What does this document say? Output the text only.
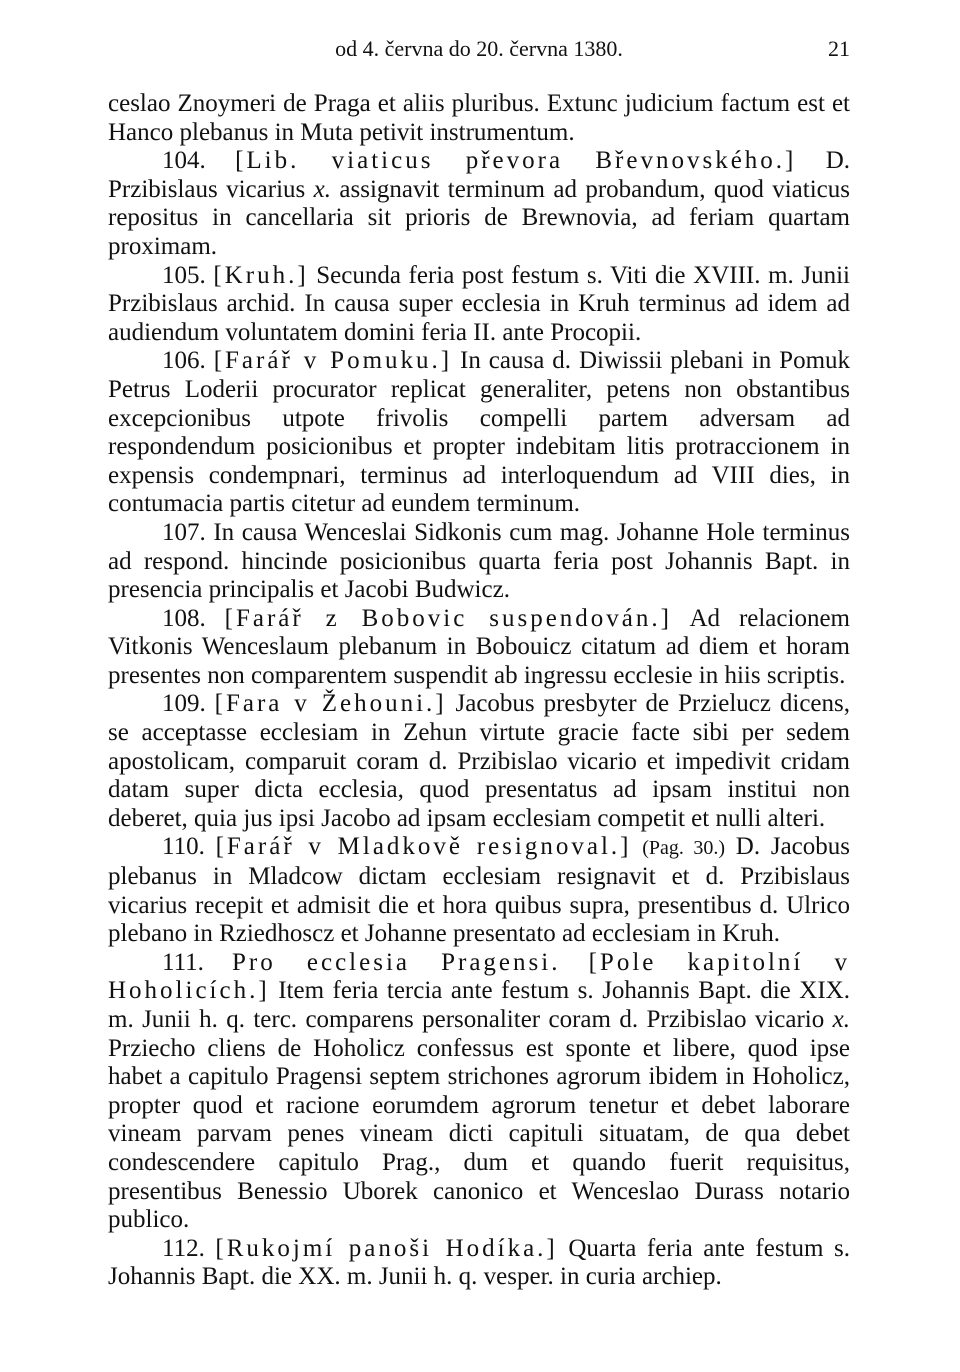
od 4. června do 20. června 1380.	21

ceslao Znoymeri de Praga et aliis pluribus. Extunc judicium factum est et Hanco plebanus in Muta petivit instrumentum.

104. [Lib. viaticus převora Břevnovského.] D. Przibislaus vicarius x. assignavit terminum ad probandum, quod viaticus repositus in cancellaria sit prioris de Brewnovia, ad feriam quartam proximam.

105. [Kruh.] Secunda feria post festum s. Viti die XVIII. m. Junii Przibislaus archid. In causa super ecclesia in Kruh terminus ad idem ad audiendum voluntatem domini feria II. ante Procopii.

106. [Farář v Pomuku.] In causa d. Diwissii plebani in Pomuk Petrus Loderii procurator replicat generaliter, petens non obstantibus excepcionibus utpote frivolis compelli partem adversam ad respondendum posicionibus et propter indebitam litis protraccionem in expensis condempnari, terminus ad interloquendum ad VIII dies, in contumacia partis citetur ad eundem terminum.

107. In causa Wenceslai Sidkonis cum mag. Johanne Hole terminus ad respond. hincinde posicionibus quarta feria post Johannis Bapt. in presencia principalis et Jacobi Budwicz.

108. [Farář z Bobovic suspendován.] Ad relacionem Vitkonis Wenceslaum plebanum in Bobouicz citatum ad diem et horam presentes non comparentem suspendit ab ingressu ecclesie in hiis scriptis.

109. [Fara v Žehouni.] Jacobus presbyter de Przielucz dicens, se acceptasse ecclesiam in Zehun virtute gracie facte sibi per sedem apostolicam, comparuit coram d. Przibislao vicario et impedivit cridam datam super dicta ecclesia, quod presentatus ad ipsam institui non deberet, quia jus ipsi Jacobo ad ipsam ecclesiam competit et nulli alteri.

110. [Farář v Mladkově resignoval.] (Pag. 30.) D. Jacobus plebanus in Mladcow dictam ecclesiam resignavit et d. Przibislaus vicarius recepit et admisit die et hora quibus supra, presentibus d. Ulrico plebano in Rziedhoscz et Johanne presentato ad ecclesiam in Kruh.

111. Pro ecclesia Pragensi. [Pole kapitolní v Hoholicích.] Item feria tercia ante festum s. Johannis Bapt. die XIX. m. Junii h. q. terc. comparens personaliter coram d. Przibislao vicario x. Prziecho cliens de Hoholicz confessus est sponte et libere, quod ipse habet a capitulo Pragensi septem strichones agrorum ibidem in Hoholicz, propter quod et racione eorumdem agrorum tenetur et debet laborare vineam parvam penes vineam dicti capituli situatam, de qua debet condescendere capitulo Prag., dum et quando fuerit requisitus, presentibus Benessio Uborek canonico et Wenceslao Durass notario publico.

112. [Rukojmí panoši Hodíka.] Quarta feria ante festum s. Johannis Bapt. die XX. m. Junii h. q. vesper. in curia archiep.
